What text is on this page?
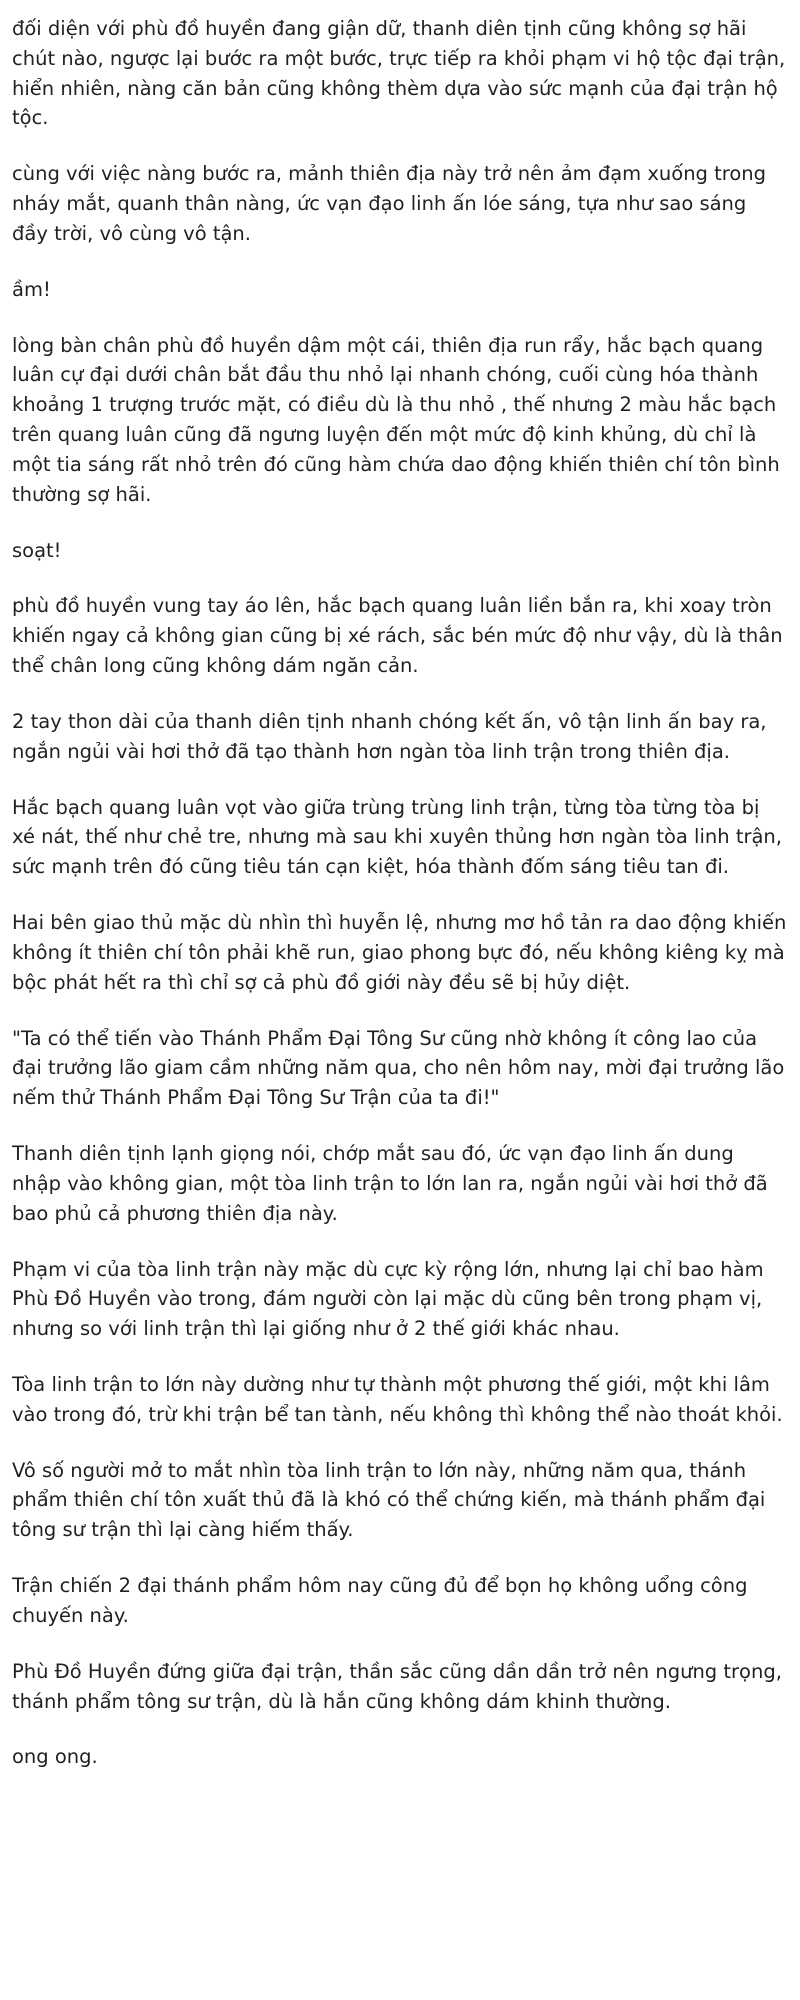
đối diện với phù đồ huyền đang giận dữ, thanh diên tịnh cũng không sợ hãi chút nào, ngược lại bước ra một bước, trực tiếp ra khỏi phạm vi hộ tộc đại trận, hiển nhiên, nàng căn bản cũng không thèm dựa vào sức mạnh của đại trận hộ tộc.

cùng với việc nàng bước ra, mảnh thiên địa này trở nên ảm đạm xuống trong nháy mắt, quanh thân nàng, ức vạn đạo linh ấn lóe sáng, tựa như sao sáng đầy trời, vô cùng vô tận.

ầm!

lòng bàn chân phù đồ huyền dậm một cái, thiên địa run rẩy, hắc bạch quang luân cự đại dưới chân bắt đầu thu nhỏ lại nhanh chóng, cuối cùng hóa thành khoảng 1 trượng trước mặt, có điều dù là thu nhỏ , thế nhưng 2 màu hắc bạch trên quang luân cũng đã ngưng luyện đến một mức độ kinh khủng, dù chỉ là một tia sáng rất nhỏ trên đó cũng hàm chứa dao động khiến thiên chí tôn bình thường sợ hãi.

soạt!

phù đồ huyền vung tay áo lên, hắc bạch quang luân liền bắn ra, khi xoay tròn khiến ngay cả không gian cũng bị xé rách, sắc bén mức độ như vậy, dù là thân thể chân long cũng không dám ngăn cản.

2 tay thon dài của thanh diên tịnh nhanh chóng kết ấn, vô tận linh ấn bay ra, ngắn ngủi vài hơi thở đã tạo thành hơn ngàn tòa linh trận trong thiên địa.

Hắc bạch quang luân vọt vào giữa trùng trùng linh trận, từng tòa từng tòa bị xé nát, thế như chẻ tre, nhưng mà sau khi xuyên thủng hơn ngàn tòa linh trận, sức mạnh trên đó cũng tiêu tán cạn kiệt, hóa thành đốm sáng tiêu tan đi.

Hai bên giao thủ mặc dù nhìn thì huyễn lệ, nhưng mơ hồ tản ra dao động khiến không ít thiên chí tôn phải khẽ run, giao phong bực đó, nếu không kiêng kỵ mà bộc phát hết ra thì chỉ sợ cả phù đồ giới này đều sẽ bị hủy diệt.

"Ta có thể tiến vào Thánh Phẩm Đại Tông Sư cũng nhờ không ít công lao của đại trưởng lão giam cầm những năm qua, cho nên hôm nay, mời đại trưởng lão nếm thử Thánh Phẩm Đại Tông Sư Trận của ta đi!"

Thanh diên tịnh lạnh giọng nói, chớp mắt sau đó, ức vạn đạo linh ấn dung nhập vào không gian, một tòa linh trận to lớn lan ra, ngắn ngủi vài hơi thở đã bao phủ cả phương thiên địa này.

Phạm vi của tòa linh trận này mặc dù cực kỳ rộng lớn, nhưng lại chỉ bao hàm Phù Đồ Huyền vào trong, đám người còn lại mặc dù cũng bên trong phạm vị, nhưng so với linh trận thì lại giống như ở 2 thế giới khác nhau.

Tòa linh trận to lớn này dường như tự thành một phương thế giới, một khi lâm vào trong đó, trừ khi trận bể tan tành, nếu không thì không thể nào thoát khỏi.

Vô số người mở to mắt nhìn tòa linh trận to lớn này, những năm qua, thánh phẩm thiên chí tôn xuất thủ đã là khó có thể chứng kiến, mà thánh phẩm đại tông sư trận thì lại càng hiếm thấy.

Trận chiến 2 đại thánh phẩm hôm nay cũng đủ để bọn họ không uổng công chuyến này.

Phù Đồ Huyền đứng giữa đại trận, thần sắc cũng dần dần trở nên ngưng trọng, thánh phẩm tông sư trận, dù là hắn cũng không dám khinh thường.

ong ong.
